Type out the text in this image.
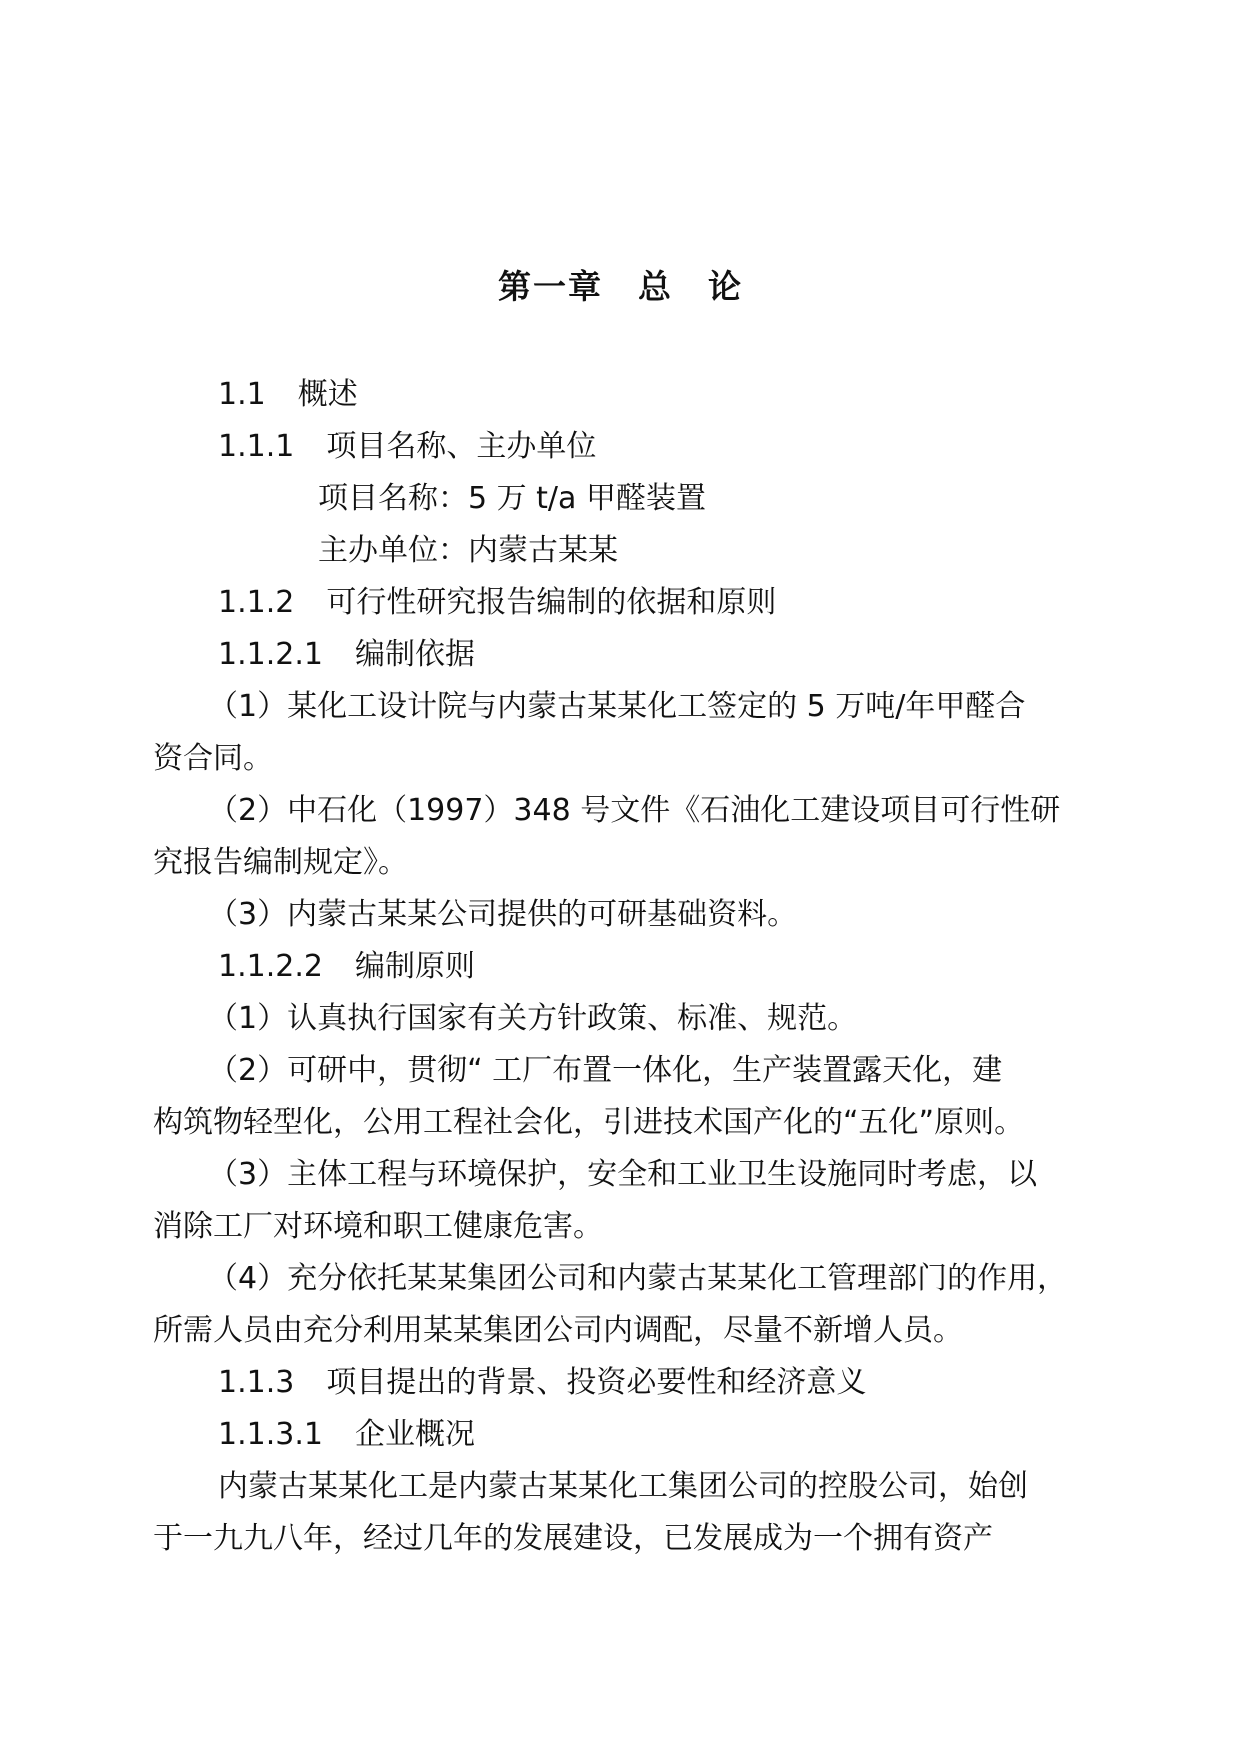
第一章　总　论
1.1 概述
1.1.1 项目名称、主办单位
项目名称：5 万 t/a 甲醛装置
主办单位：内蒙古某某
1.1.2 可行性研究报告编制的依据和原则
1.1.2.1 编制依据
（1）某化工设计院与内蒙古某某化工签定的 5 万吨/年甲醛合
资合同。
（2）中石化（1997）348 号文件《石油化工建设项目可行性研
究报告编制规定》。
（3）内蒙古某某公司提供的可研基础资料。
1.1.2.2 编制原则
（1）认真执行国家有关方针政策、标准、规范。
（2）可研中，贯彻“ 工厂布置一体化，生产装置露天化，建
构筑物轻型化，公用工程社会化，引进技术国产化的“五化”原则。
（3）主体工程与环境保护，安全和工业卫生设施同时考虑，以
消除工厂对环境和职工健康危害。
（4）充分依托某某集团公司和内蒙古某某化工管理部门的作用，
所需人员由充分利用某某集团公司内调配，尽量不新增人员。
1.1.3 项目提出的背景、投资必要性和经济意义
1.1.3.1 企业概况
内蒙古某某化工是内蒙古某某化工集团公司的控股公司，始创
于一九九八年，经过几年的发展建设，已发展成为一个拥有资产
